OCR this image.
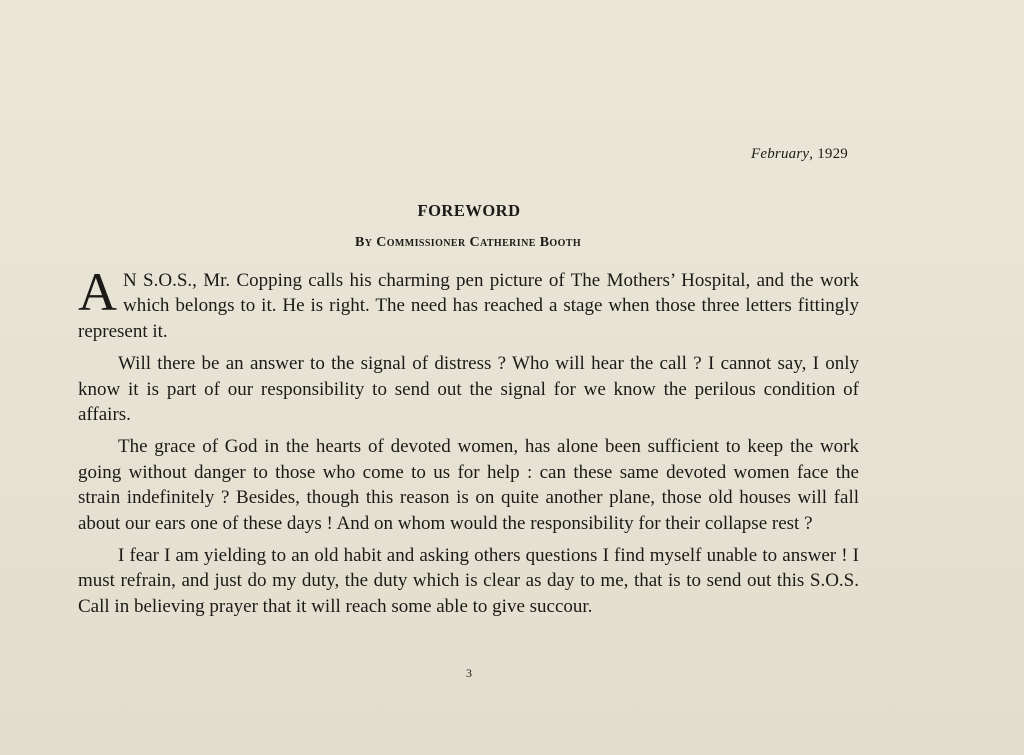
February, 1929
FOREWORD
By Commissioner Catherine Booth

A N S.O.S., Mr. Copping calls his charming pen picture of The Mothers’ Hospital, and the work which belongs to it. He is right. The need has reached a stage when those three letters fittingly represent it.

Will there be an answer to the signal of distress ? Who will hear the call ? I cannot say, I only know it is part of our responsibility to send out the signal for we know the perilous condition of affairs.

The grace of God in the hearts of devoted women, has alone been sufficient to keep the work going without danger to those who come to us for help : can these same devoted women face the strain indefinitely ? Besides, though this reason is on quite another plane, those old houses will fall about our ears one of these days ! And on whom would the responsibility for their collapse rest ?

I fear I am yielding to an old habit and asking others questions I find myself unable to answer ! I must refrain, and just do my duty, the duty which is clear as day to me, that is to send out this S.O.S. Call in believing prayer that it will reach some able to give succour.

3
